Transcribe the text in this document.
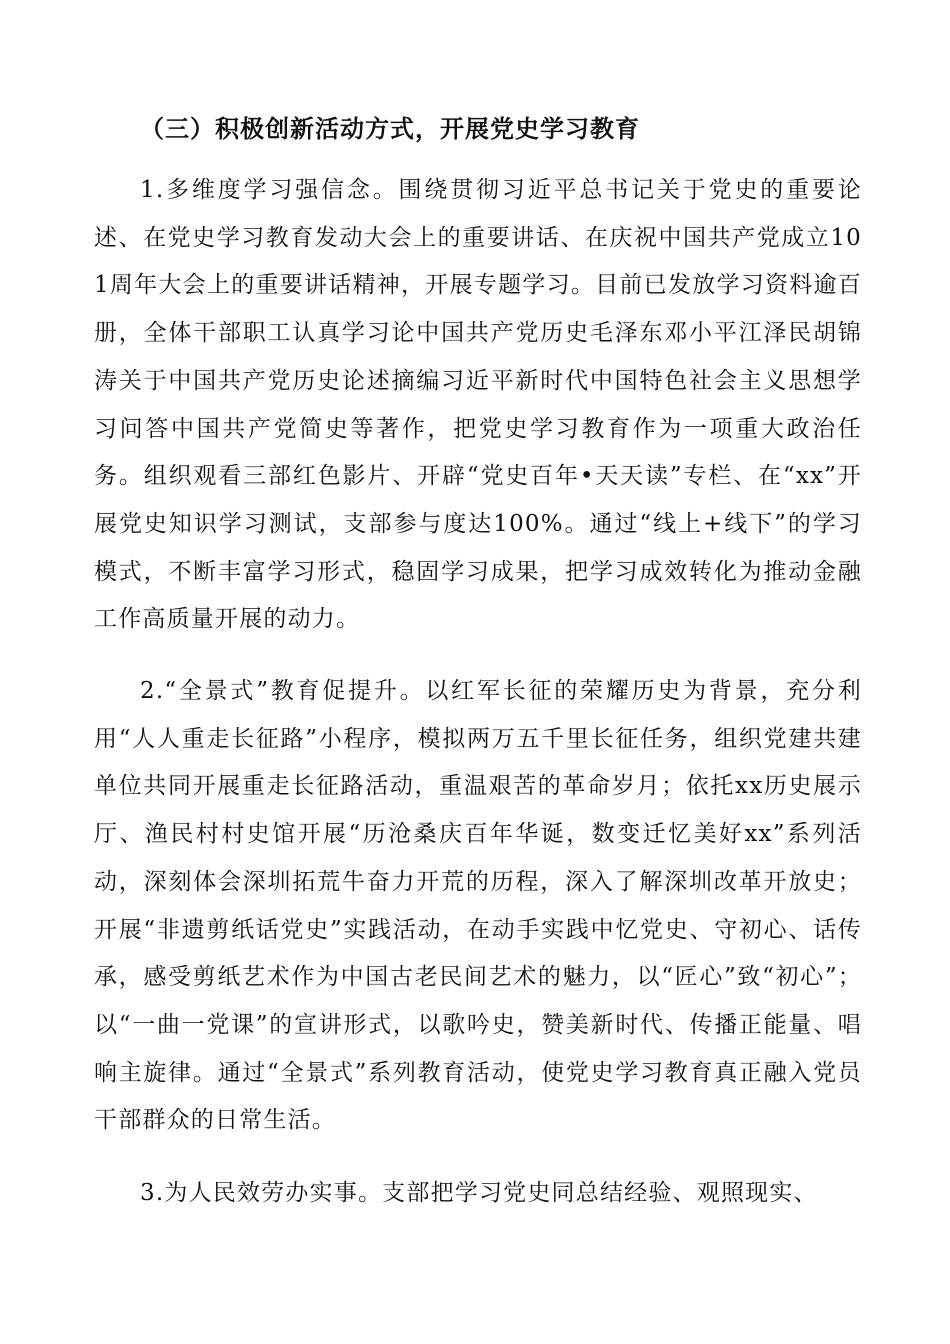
（三）积极创新活动方式，开展党史学习教育

1.多维度学习强信念。围绕贯彻习近平总书记关于党史的重要论述、在党史学习教育发动大会上的重要讲话、在庆祝中国共产党成立101周年大会上的重要讲话精神，开展专题学习。目前已发放学习资料逾百册，全体干部职工认真学习论中国共产党历史毛泽东邓小平江泽民胡锦涛关于中国共产党历史论述摘编习近平新时代中国特色社会主义思想学习问答中国共产党简史等著作，把党史学习教育作为一项重大政治任务。组织观看三部红色影片、开辟“党史百年•天天读”专栏、在“xx”开展党史知识学习测试，支部参与度达100%。通过“线上+线下”的学习模式，不断丰富学习形式，稳固学习成果，把学习成效转化为推动金融工作高质量开展的动力。

2.“全景式”教育促提升。以红军长征的荣耀历史为背景，充分利用“人人重走长征路”小程序，模拟两万五千里长征任务，组织党建共建单位共同开展重走长征路活动，重温艰苦的革命岁月；依托xx历史展示厅、渔民村村史馆开展“历沧桑庆百年华诞，数变迁忆美好xx”系列活动，深刻体会深圳拓荒牛奋力开荒的历程，深入了解深圳改革开放史；开展“非遗剪纸话党史”实践活动，在动手实践中忆党史、守初心、话传承，感受剪纸艺术作为中国古老民间艺术的魅力，以“匠心”致“初心”；以“一曲一党课”的宣讲形式，以歌吟史，赞美新时代、传播正能量、唱响主旋律。通过“全景式”系列教育活动，使党史学习教育真正融入党员干部群众的日常生活。

3.为人民效劳办实事。支部把学习党史同总结经验、观照现实、
